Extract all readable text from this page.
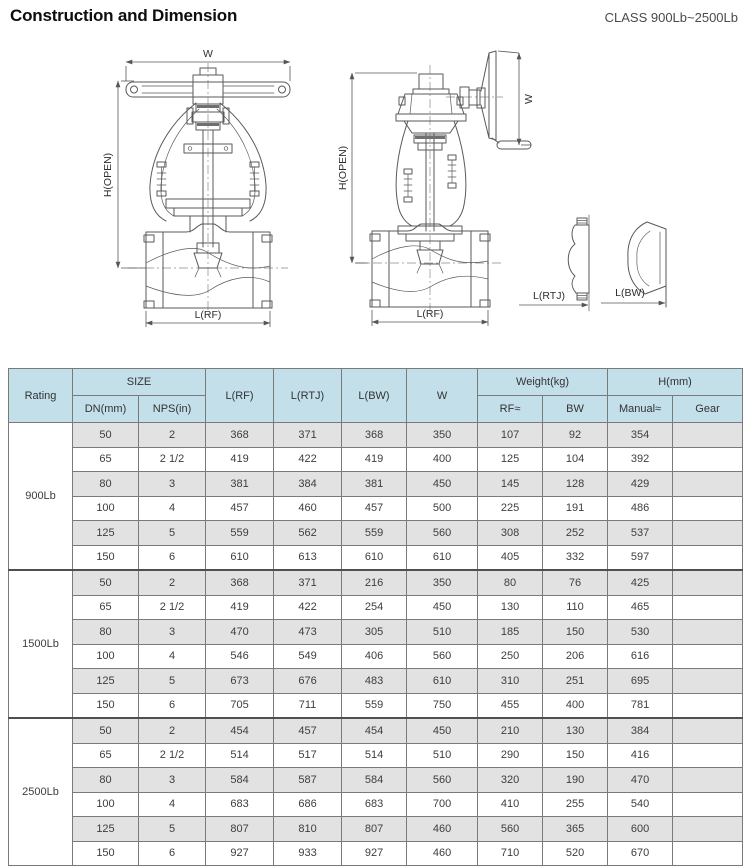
Construction and Dimension	CLASS 900Lb~2500Lb
W
H(OPEN)
L(RF)
H(OPEN)
W
L(RF)
L(RTJ)	L(BW)
Rating	SIZE		L(RF)	L(RTJ)	L(BW)	W	Weight(kg)		H(mm)	
	DN(mm)	NPS(in)					RF≈	BW	Manual≈	Gear
900Lb	50	2	368	371	368	350	107	92	354	
	65	2 1/2	419	422	419	400	125	104	392	
	80	3	381	384	381	450	145	128	429	
	100	4	457	460	457	500	225	191	486	
	125	5	559	562	559	560	308	252	537	
	150	6	610	613	610	610	405	332	597	
1500Lb	50	2	368	371	216	350	80	76	425	
	65	2 1/2	419	422	254	450	130	110	465	
	80	3	470	473	305	510	185	150	530	
	100	4	546	549	406	560	250	206	616	
	125	5	673	676	483	610	310	251	695	
	150	6	705	711	559	750	455	400	781	
2500Lb	50	2	454	457	454	450	210	130	384	
	65	2 1/2	514	517	514	510	290	150	416	
	80	3	584	587	584	560	320	190	470	
	100	4	683	686	683	700	410	255	540	
	125	5	807	810	807	460	560	365	600	
	150	6	927	933	927	460	710	520	670	
